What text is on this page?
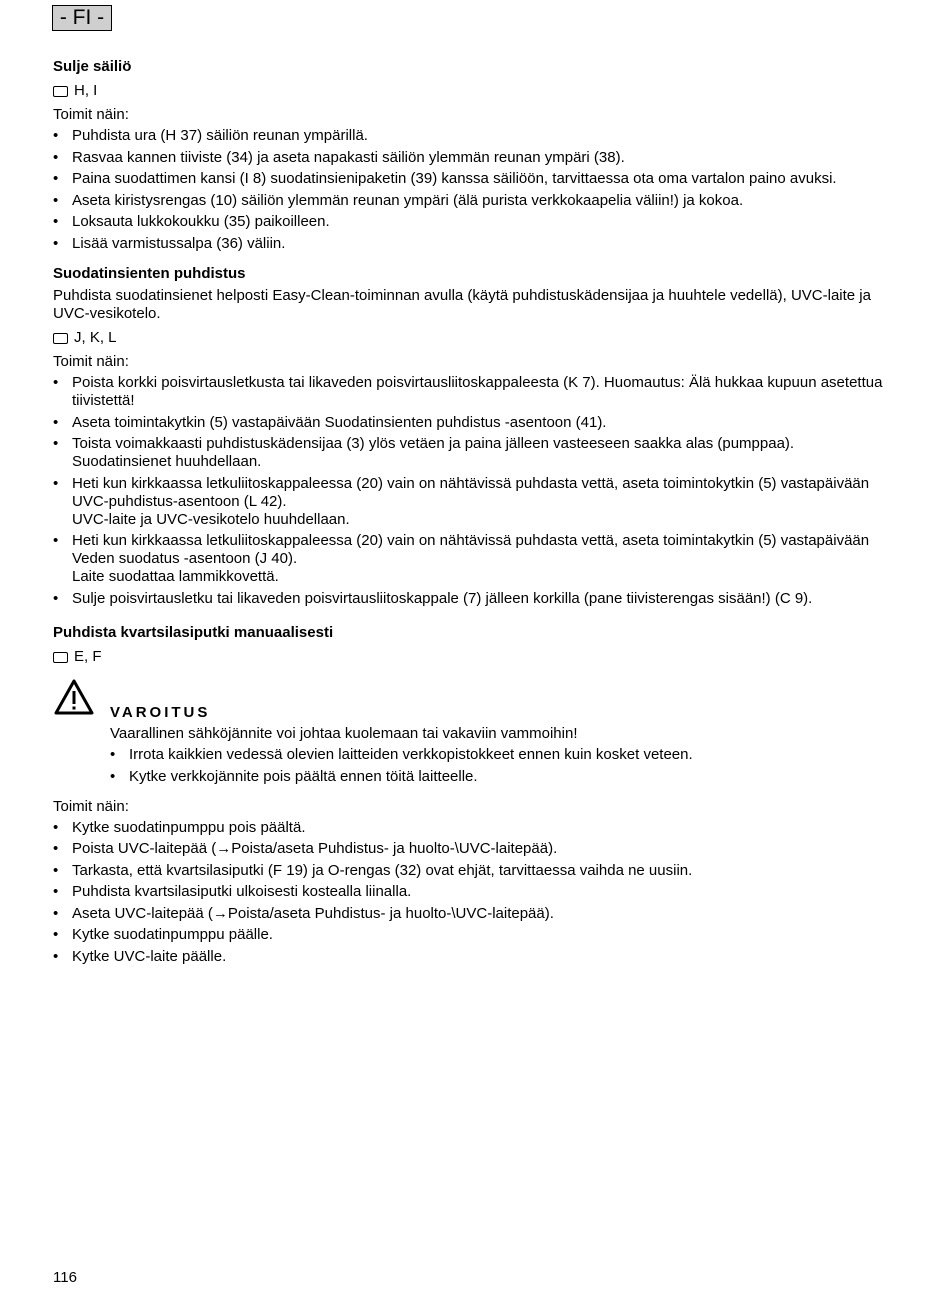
- FI -
Sulje säiliö
H, I

Toimit näin:

• Puhdista ura (H 37) säiliön reunan ympärillä.
• Rasvaa kannen tiiviste (34) ja aseta napakasti säiliön ylemmän reunan ympäri (38).
• Paina suodattimen kansi (I 8) suodatinsienipaketin (39) kanssa säiliöön, tarvittaessa ota oma vartalon paino avuksi.
• Aseta kiristysrengas (10) säiliön ylemmän reunan ympäri (älä purista verkkokaapelia väliin!) ja kokoa.
• Loksauta lukkokoukku (35) paikoilleen.
• Lisää varmistussalpa (36) väliin.
Suodatinsienten puhdistus

Puhdista suodatinsienet helposti Easy-Clean-toiminnan avulla (käytä puhdistuskädensijaa ja huuhtele vedellä), UVC-laite ja UVC-vesikotelo.

J, K, L

Toimit näin:

• Poista korkki poisvirtausletkusta tai likaveden poisvirtausliitoskappaleesta (K 7). Huomautus: Älä hukkaa kupuun asetettua tiivistettä!
• Aseta toimintakytkin (5) vastapäivään Suodatinsienten puhdistus -asentoon (41).
• Toista voimakkaasti puhdistuskädensijaa (3) ylös vetäen ja paina jälleen vasteeseen saakka alas (pumppaa).
Suodatinsienet huuhdellaan.
• Heti kun kirkkaassa letkuliitoskappaleessa (20) vain on nähtävissä puhdasta vettä, aseta toimintokytkin (5) vastapäivään UVC-puhdistus-asentoon (L 42).
UVC-laite ja UVC-vesikotelo huuhdellaan.
• Heti kun kirkkaassa letkuliitoskappaleessa (20) vain on nähtävissä puhdasta vettä, aseta toimintakytkin (5) vastapäivään Veden suodatus -asentoon (J 40).
Laite suodattaa lammikkovettä.
• Sulje poisvirtausletku tai likaveden poisvirtausliitoskappale (7) jälleen korkilla (pane tiivisterengas sisään!) (C 9).
Puhdista kvartsilasiputki manuaalisesti
E, F
VAROITUS

Vaarallinen sähköjännite voi johtaa kuolemaan tai vakaviin vammoihin!

• Irrota kaikkien vedessä olevien laitteiden verkkopistokkeet ennen kuin kosket veteen.
• Kytke verkkojännite pois päältä ennen töitä laitteelle.

Toimit näin:

• Kytke suodatinpumppu pois päältä.
• Poista UVC-laitepää (→Poista/aseta Puhdistus- ja huolto-\UVC-laitepää).
• Tarkasta, että kvartsilasiputki (F 19) ja O-rengas (32) ovat ehjät, tarvittaessa vaihda ne uusiin.
• Puhdista kvartsilasiputki ulkoisesti kostealla liinalla.
• Aseta UVC-laitepää (→Poista/aseta Puhdistus- ja huolto-\UVC-laitepää).
• Kytke suodatinpumppu päälle.
• Kytke UVC-laite päälle.
116
